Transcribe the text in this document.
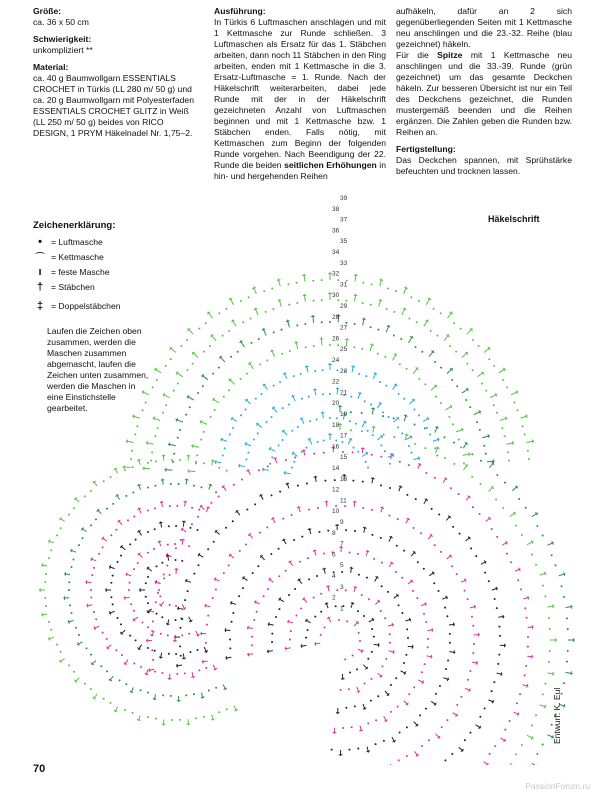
Größe:
ca. 36 x 50 cm

Schwierigkeit:
unkompliziert **

Material:
ca. 40 g Baumwollgarn ESSENTIALS CROCHET in Türkis (LL 280 m/ 50 g) und ca. 20 g Baumwollgarn mit Polyesterfaden ESSENTIALS CROCHET GLITZ in Weiß (LL 250 m/ 50 g) beides von RICO DESIGN, 1 PRYM Häkelnadel Nr. 1,75–2.

Ausführung:
In Türkis 6 Luftmaschen anschlagen und mit 1 Kettmasche zur Runde schließen. 3 Luftmaschen als Ersatz für das 1. Stäbchen arbeiten, dann noch 11 Stäbchen in den Ring arbeiten, enden mit 1 Kettmasche in die 3. Ersatz-Luftmasche = 1. Runde. Nach der Häkelschrift weiterarbeiten, dabei jede Runde mit der in der Häkelschrift gezeichneten Anzahl von Luftmaschen beginnen und mit 1 Kettmasche bzw. 1 Stäbchen enden. Falls nötig, mit Kettmaschen zum Beginn der folgenden Runde vorgehen. Nach Beendigung der 22. Runde die beiden seitlichen Erhöhungen in hin- und hergehenden Reihen

aufhäkeln, dafür an 2 sich gegenüberliegenden Seiten mit 1 Kettmasche neu anschlingen und die 23.-32. Reihe (blau gezeichnet) häkeln.
Für die Spitze mit 1 Kettmasche neu anschlingen und die 33.-39. Runde (grün gezeichnet) um das gesamte Deckchen häkeln. Zur besseren Übersicht ist nur ein Teil des Deckchens gezeichnet, die Runden mustergemäß beenden und die Reihen ergänzen. Die Zahlen geben die Runden bzw. Reihen an.

Fertigstellung:
Das Deckchen spannen, mit Sprühstärke befeuchten und trocknen lassen.

Zeichenerklärung:
•	= Luftmasche
⌒ = Kettmasche
ı	= feste Masche
† = Stäbchen
‡ = Doppelstäbchen
Laufen die Zeichen oben zusammen, werden die Maschen zusammen abgemascht, laufen die Zeichen unten zusammen, werden die Maschen in eine Einstichstelle gearbeitet.
Häkelschrift
39
38
37
36
35
34
33
32
31
30
29
28
27
26
25
24
23
22
21
20
19
18
17
16
15
14
13
12
11
10
9
8
7
6
5
4
3
2
1
70
Entwurf: K. Eul
PassionForum.ru
